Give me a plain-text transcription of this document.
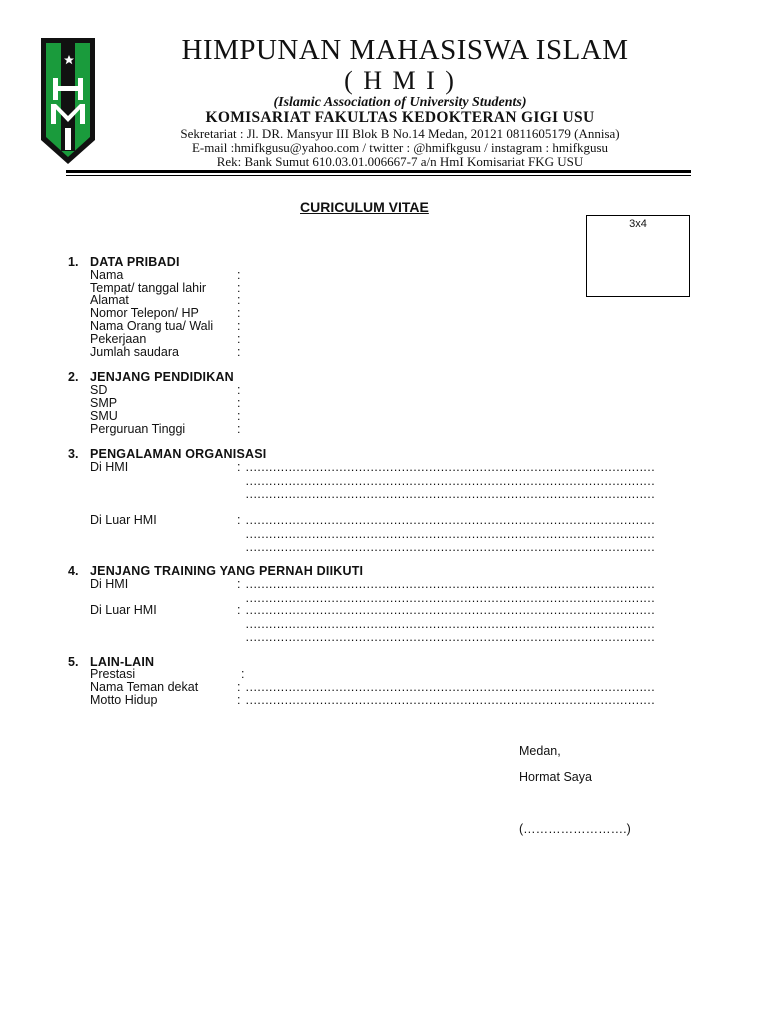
HIMPUNAN MAHASISWA ISLAM
( H M I )
(Islamic Association of University Students)
KOMISARIAT FAKULTAS KEDOKTERAN GIGI USU
Sekretariat : Jl. DR. Mansyur III Blok B No.14 Medan, 20121 0811605179 (Annisa)
E-mail :hmifkgusu@yahoo.com / twitter : @hmifkgusu / instagram : hmifkgusu
Rek: Bank Sumut 610.03.01.006667-7 a/n HmI Komisariat FKG USU
CURICULUM VITAE
3x4
1. DATA PRIBADI
Nama	:
Tempat/ tanggal lahir :
Alamat	:
Nomor Telepon/ HP	:
Nama Orang tua/ Wali :
Pekerjaan	:
Jumlah saudara	:
2. JENJANG PENDIDIKAN
SD	:
SMP	:
SMU	:
Perguruan Tinggi	:
3. PENGALAMAN ORGANISASI
Di HMI	: ……………………………………………………………………………………………
……………………………………………………………………………………………
……………………………………………………………………………………………
Di Luar HMI	: ……………………………………………………………………………………………
……………………………………………………………………………………………
……………………………………………………………………………………………
4. JENJANG TRAINING YANG PERNAH DIIKUTI
Di HMI	: ……………………………………………………………………………………………
……………………………………………………………………………………………
Di Luar HMI	: ……………………………………………………………………………………………
……………………………………………………………………………………………
……………………………………………………………………………………………
5. LAIN-LAIN
Prestasi	:
Nama Teman dekat	: ……………………………………………………………………………………………
Motto Hidup	: ……………………………………………………………………………………………
Medan,
Hormat Saya
(…………………….)
